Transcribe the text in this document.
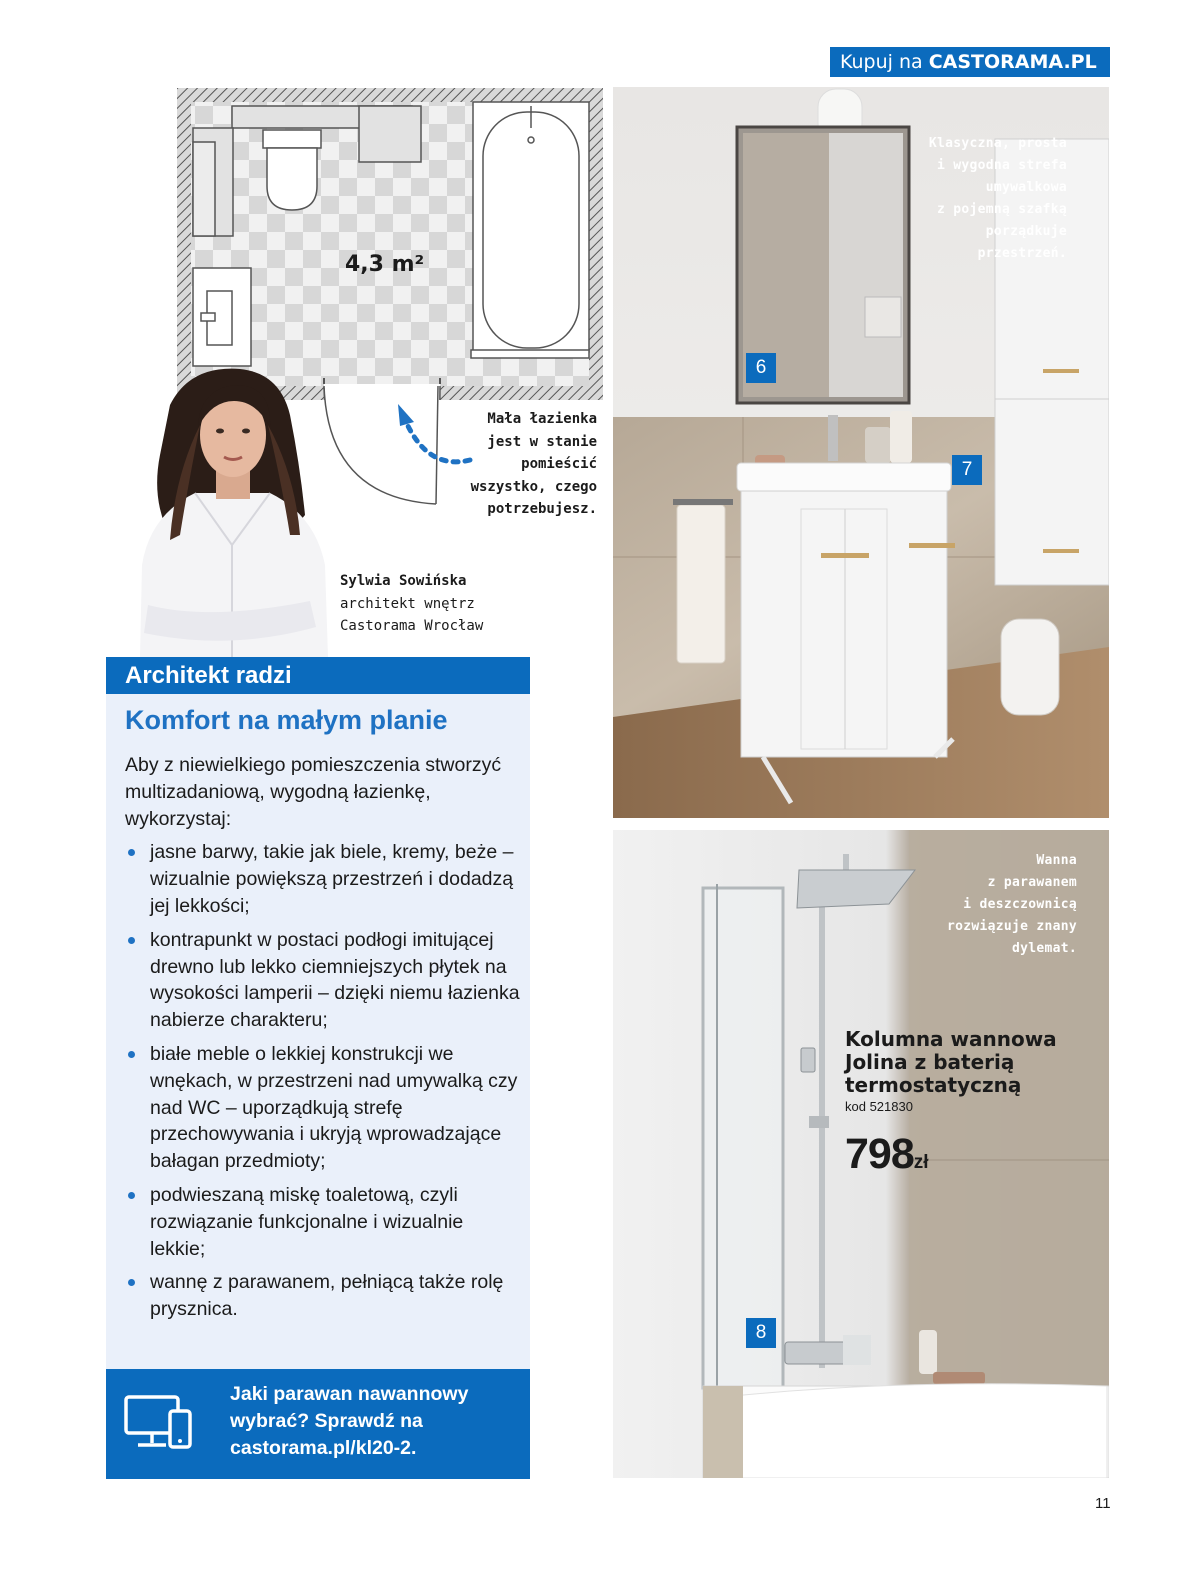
Kupuj na CASTORAMA.PL
4,3 m²
Mała łazienka
jest w stanie
pomieścić
wszystko, czego
potrzebujesz.
Sylwia Sowińska
architekt wnętrz
Castorama Wrocław
Architekt radzi
Komfort na małym planie

Aby z niewielkiego pomieszczenia stworzyć multizadaniową, wygodną łazienkę, wykorzystaj:

jasne barwy, takie jak biele, kremy, beże – wizualnie powiększą przestrzeń i dodadzą jej lekkości;
kontrapunkt w postaci podłogi imitującej drewno lub lekko ciemniejszych płytek na wysokości lamperii – dzięki niemu łazienka nabierze charakteru;
białe meble o lekkiej konstrukcji we wnękach, w przestrzeni nad umywalką czy nad WC – uporządkują strefę przechowywania i ukryją wprowadzające bałagan przedmioty;
podwieszaną miskę toaletową, czyli rozwiązanie funkcjonalne i wizualnie lekkie;
wannę z parawanem, pełniącą także rolę prysznica.
Jaki parawan nawannowy wybrać? Sprawdź na castorama.pl/kl20-2.
6
7
Klasyczna, prosta
i wygodna strefa
umywalkowa
z pojemną szafką
porządkuje
przestrzeń.
8
Wanna
z parawanem
i deszczownicą
rozwiązuje znany
dylemat.
Kolumna wannowa Jolina z baterią termostatyczną
kod 521830
798zł
11
